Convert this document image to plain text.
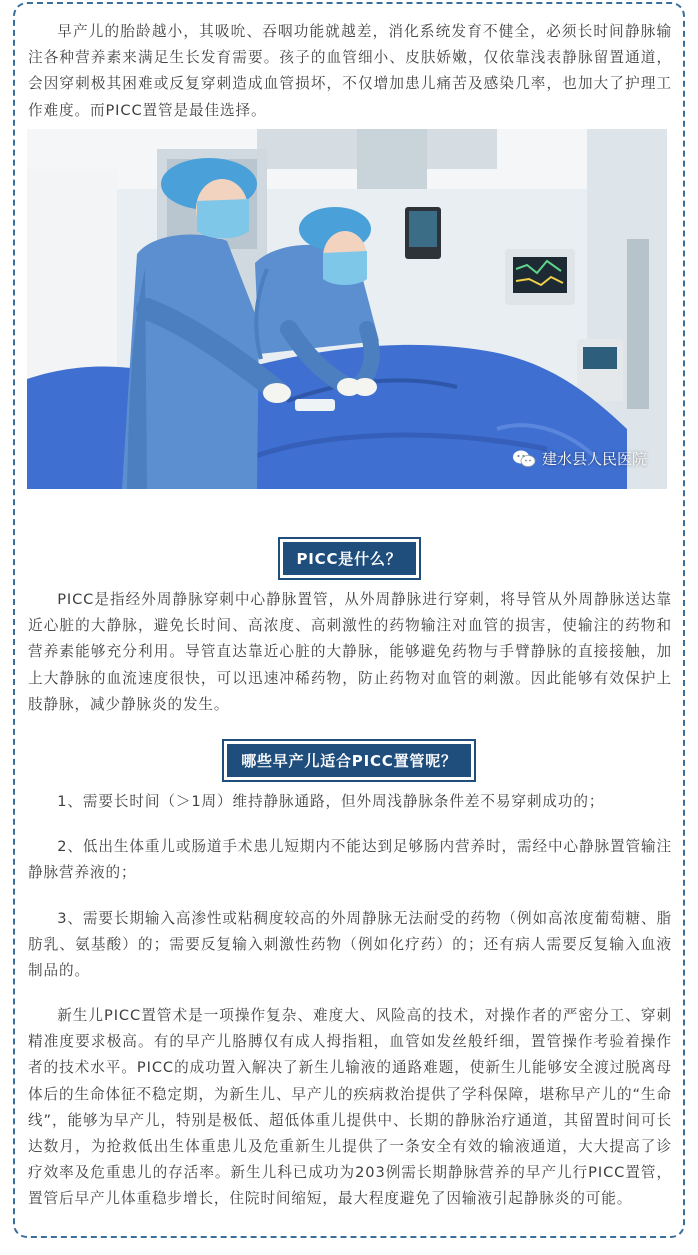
早产儿的胎龄越小，其吸吮、吞咽功能就越差，消化系统发育不健全，必须长时间静脉输注各种营养素来满足生长发育需要。孩子的血管细小、皮肤娇嫩，仅依靠浅表静脉留置通道，会因穿刺极其困难或反复穿刺造成血管损坏，不仅增加患儿痛苦及感染几率，也加大了护理工作难度。而PICC置管是最佳选择。

建水县人民医院
PICC是什么？

PICC是指经外周静脉穿刺中心静脉置管，从外周静脉进行穿刺，将导管从外周静脉送达靠近心脏的大静脉，避免长时间、高浓度、高刺激性的药物输注对血管的损害，使输注的药物和营养素能够充分利用。导管直达靠近心脏的大静脉，能够避免药物与手臂静脉的直接接触，加上大静脉的血流速度很快，可以迅速冲稀药物，防止药物对血管的刺激。因此能够有效保护上肢静脉，减少静脉炎的发生。

哪些早产儿适合PICC置管呢？

1、需要长时间（＞1周）维持静脉通路，但外周浅静脉条件差不易穿刺成功的；

2、低出生体重儿或肠道手术患儿短期内不能达到足够肠内营养时，需经中心静脉置管输注静脉营养液的；

3、需要长期输入高渗性或粘稠度较高的外周静脉无法耐受的药物（例如高浓度葡萄糖、脂肪乳、氨基酸）的；需要反复输入刺激性药物（例如化疗药）的；还有病人需要反复输入血液制品的。

新生儿PICC置管术是一项操作复杂、难度大、风险高的技术，对操作者的严密分工、穿刺精准度要求极高。有的早产儿胳膊仅有成人拇指粗，血管如发丝般纤细，置管操作考验着操作者的技术水平。PICC的成功置入解决了新生儿输液的通路难题，使新生儿能够安全渡过脱离母体后的生命体征不稳定期，为新生儿、早产儿的疾病救治提供了学科保障，堪称早产儿的“生命线”，能够为早产儿，特别是极低、超低体重儿提供中、长期的静脉治疗通道，其留置时间可长达数月，为抢救低出生体重患儿及危重新生儿提供了一条安全有效的输液通道，大大提高了诊疗效率及危重患儿的存活率。新生儿科已成功为203例需长期静脉营养的早产儿行PICC置管，置管后早产儿体重稳步增长，住院时间缩短，最大程度避免了因输液引起静脉炎的可能。
